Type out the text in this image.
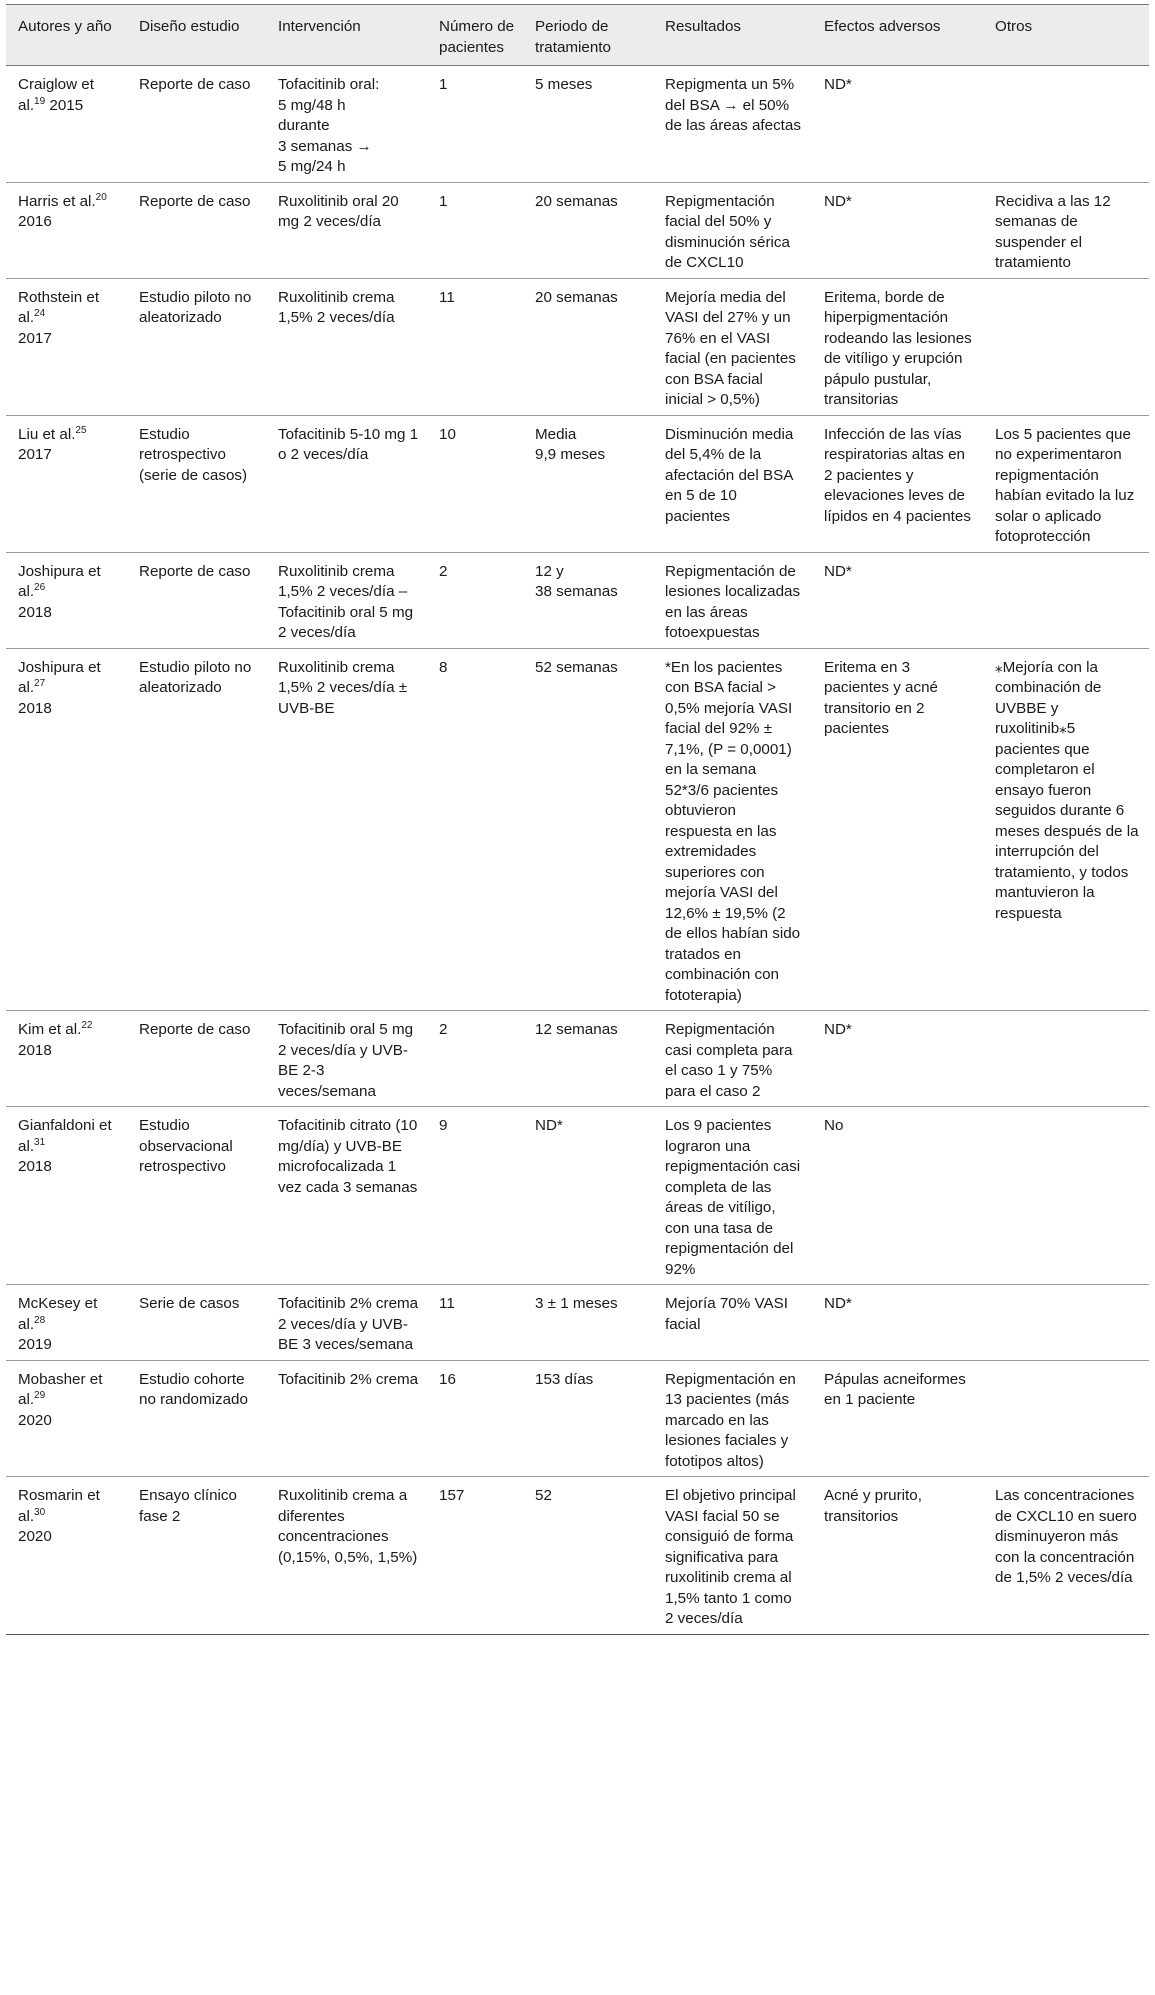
Autores y año	Diseño estudio	Intervención	Número de pacientes	Periodo de tratamiento	Resultados	Efectos adversos	Otros
Craiglow et al.$^{19}$ 2015	Reporte de caso	Tofacitinib oral:
5 mg/48 h
durante
3 semanas →
5 mg/24 h	1	5 meses	Repigmenta un 5% del BSA → el 50% de las áreas afectas	ND*	
Harris et al.$^{20}$ 2016	Reporte de caso	Ruxolitinib oral 20 mg 2 veces/día	1	20 semanas	Repigmentación facial del 50% y disminución sérica de CXCL10	ND*	Recidiva a las 12 semanas de suspender el tratamiento
Rothstein et al.$^{24}$
2017	Estudio piloto no aleatorizado	Ruxolitinib crema 1,5% 2 veces/día	11	20 semanas	Mejoría media del VASI del 27% y un 76% en el VASI facial (en pacientes con BSA facial inicial > 0,5%)	Eritema, borde de hiperpigmentación rodeando las lesiones de vitíligo y erupción pápulo pustular, transitorias	
Liu et al.$^{25}$
2017	Estudio retrospectivo (serie de casos)	Tofacitinib 5-10 mg 1 o 2 veces/día	10	Media
9,9 meses	Disminución media del 5,4% de la afectación del BSA en 5 de 10 pacientes	Infección de las vías respiratorias altas en 2 pacientes y elevaciones leves de lípidos en 4 pacientes	Los 5 pacientes que no experimentaron repigmentación habían evitado la luz solar o aplicado fotoprotección
Joshipura et al.$^{26}$
2018	Reporte de caso	Ruxolitinib crema 1,5% 2 veces/día – Tofacitinib oral 5 mg 2 veces/día	2	12 y
38 semanas	Repigmentación de lesiones localizadas en las áreas fotoexpuestas	ND*	
Joshipura et al.$^{27}$
2018	Estudio piloto no aleatorizado	Ruxolitinib crema 1,5% 2 veces/día ± UVB-BE	8	52 semanas	*En los pacientes con BSA facial > 0,5% mejoría VASI facial del 92% ± 7,1%, (P = 0,0001) en la semana 52*3/6 pacientes obtuvieron respuesta en las extremidades superiores con mejoría VASI del 12,6% ± 19,5% (2 de ellos habían sido tratados en combinación con fototerapia)	Eritema en 3 pacientes y acné transitorio en 2 pacientes	⁎Mejoría con la combinación de UVBBE y ruxolitinib⁎5 pacientes que completaron el ensayo fueron seguidos durante 6 meses después de la interrupción del tratamiento, y todos mantuvieron la respuesta
Kim et al.$^{22}$
2018	Reporte de caso	Tofacitinib oral 5 mg 2 veces/día y UVB-BE 2-3 veces/semana	2	12 semanas	Repigmentación casi completa para el caso 1 y 75% para el caso 2	ND*	
Gianfaldoni et al.$^{31}$
2018	Estudio observacional retrospectivo	Tofacitinib citrato (10 mg/día) y UVB-BE microfocalizada 1 vez cada 3 semanas	9	ND*	Los 9 pacientes lograron una repigmentación casi completa de las áreas de vitíligo, con una tasa de repigmentación del 92%	No	
McKesey et al.$^{28}$
2019	Serie de casos	Tofacitinib 2% crema 2 veces/día y UVB-BE 3 veces/semana	11	3 ± 1 meses	Mejoría 70% VASI facial	ND*	
Mobasher et al.$^{29}$
2020	Estudio cohorte no randomizado	Tofacitinib 2% crema	16	153 días	Repigmentación en 13 pacientes (más marcado en las lesiones faciales y fototipos altos)	Pápulas acneiformes en 1 paciente	
Rosmarin et al.$^{30}$
2020	Ensayo clínico fase 2	Ruxolitinib crema a diferentes concentraciones (0,15%, 0,5%, 1,5%)	157	52	El objetivo principal VASI facial 50 se consiguió de forma significativa para ruxolitinib crema al 1,5% tanto 1 como 2 veces/día	Acné y prurito, transitorios	Las concentraciones de CXCL10 en suero disminuyeron más con la concentración de 1,5% 2 veces/día
